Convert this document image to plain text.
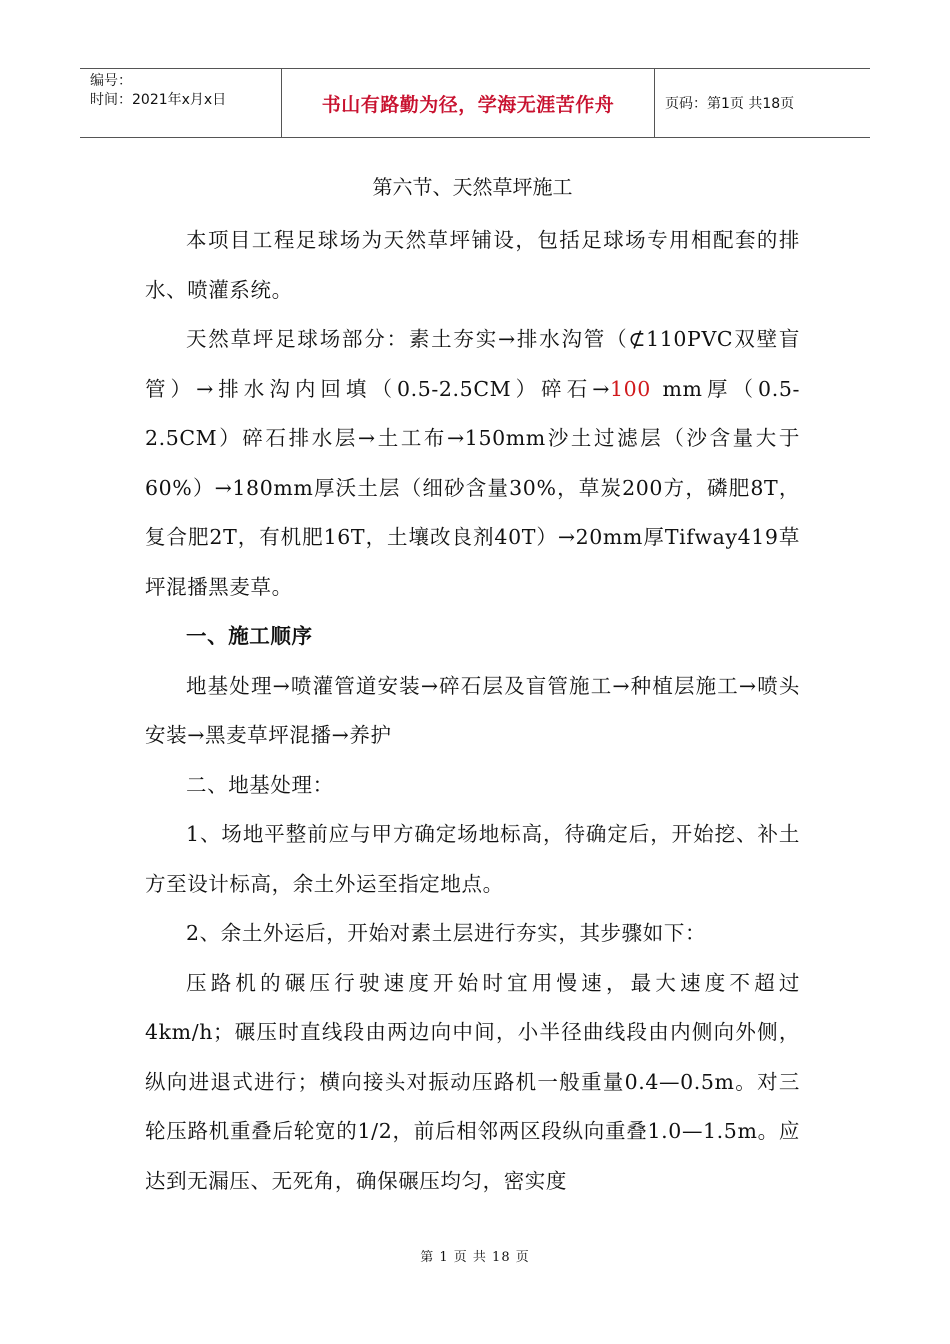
编号：
时间：2021年x月x日	书山有路勤为径，学海无涯苦作舟	页码：第1页 共18页
第六节、天然草坪施工

本项目工程足球场为天然草坪铺设，包括足球场专用相配套的排水、喷灌系统。

天然草坪足球场部分：素土夯实→排水沟管（⊄110PVC双壁盲管）→排水沟内回填（0.5-2.5CM）碎石→100 mm厚（0.5-2.5CM）碎石排水层→土工布→150mm沙土过滤层（沙含量大于60%）→180mm厚沃土层（细砂含量30%，草炭200方，磷肥8T，复合肥2T，有机肥16T，土壤改良剂40T）→20mm厚Tifway419草坪混播黑麦草。

一、施工顺序

地基处理→喷灌管道安装→碎石层及盲管施工→种植层施工→喷头安装→黑麦草坪混播→养护

二、地基处理：

1、场地平整前应与甲方确定场地标高，待确定后，开始挖、补土方至设计标高，余土外运至指定地点。

2、余土外运后，开始对素土层进行夯实，其步骤如下：

压路机的碾压行驶速度开始时宜用慢速，最大速度不超过4km/h；碾压时直线段由两边向中间，小半径曲线段由内侧向外侧，纵向进退式进行；横向接头对振动压路机一般重量0.4—0.5m。对三轮压路机重叠后轮宽的1/2，前后相邻两区段纵向重叠1.0—1.5m。应达到无漏压、无死角，确保碾压均匀，密实度

第 1 页 共 18 页
